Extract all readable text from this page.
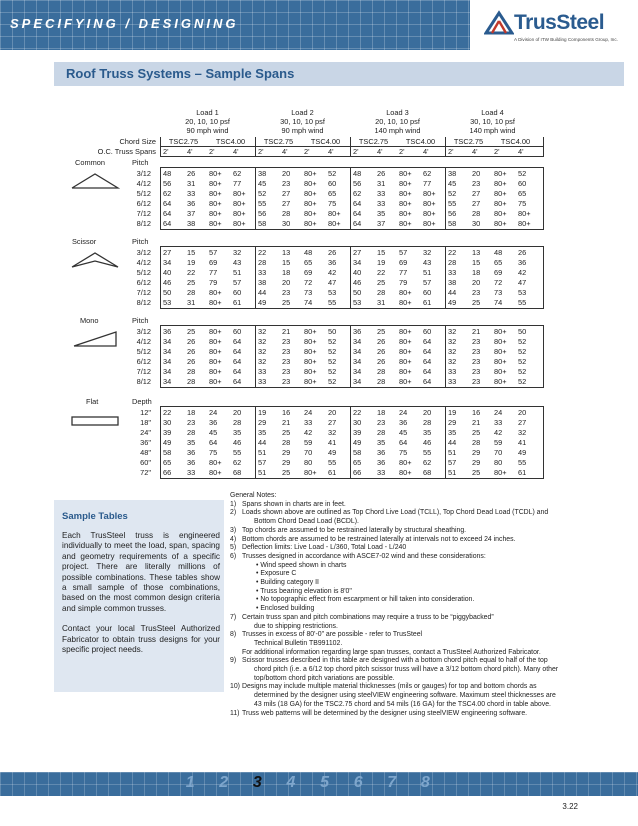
SPECIFYING / DESIGNING	TrusSteel
A Division of ITW Building Components Group, Inc.
Roof Truss Systems – Sample Spans
Load 1
20, 10, 10 psf
90 mph wind
TSC2.75
2' 4'
TSC4.00
2' 4'
Load 2
30, 10, 10 psf
90 mph wind
TSC2.75
2' 4'
TSC4.00
2' 4'
Load 3
20, 10, 10 psf
140 mph wind
TSC2.75
2' 4'
TSC4.00
2' 4'
Load 4
30, 10, 10 psf
140 mph wind
TSC2.75
2' 4'
TSC4.00
2' 4'
Chord Size
O.C. Truss Spans
Common	Pitch
3/12 48	26	80+	62	38	20	80+	52	48	26	80+	62	38	20	80+	52
4/12 56	31	80+	77	45	23	80+	60	56	31	80+	77	45	23	80+	60
5/12 62	33	80+	80+	52	27	80+	65	62	33	80+	80+	52	27	80+	65
6/12 64	36	80+	80+	55	27	80+	75	64	33	80+	80+	55	27	80+	75
7/12 64	37	80+	80+	56	28	80+	80+	64	35	80+	80+	56	28	80+	80+
8/12 64	38	80+	80+	58	30	80+	80+	64	37	80+	80+	58	30	80+	80+
Scissor	Pitch
3/12 27	15	57	32	22	13	48	26	27	15	57	32	22	13	48	26
4/12 34	19	69	43	28	15	65	36	34	19	69	43	28	15	65	36
5/12 40	22	77	51	33	18	69	42	40	22	77	51	33	18	69	42
6/12 46	25	79	57	38	20	72	47	46	25	79	57	38	20	72	47
7/12 50	28	80+	60	44	23	73	53	50	28	80+	60	44	23	73	53
8/12 53	31	80+	61	49	25	74	55	53	31	80+	61	49	25	74	55
Mono	Pitch
3/12 36	25	80+	60	32	21	80+	50	36	25	80+	60	32	21	80+	50
4/12 34	26	80+	64	32	23	80+	52	34	26	80+	64	32	23	80+	52
5/12 34	26	80+	64	32	23	80+	52	34	26	80+	64	32	23	80+	52
6/12 34	26	80+	64	32	23	80+	52	34	26	80+	64	32	23	80+	52
7/12 34	28	80+	64	33	23	80+	52	34	28	80+	64	33	23	80+	52
8/12 34	28	80+	64	33	23	80+	52	34	28	80+	64	33	23	80+	52
Flat	Depth
12" 22	18	24	20	19	16	24	20	22	18	24	20	19	16	24	20
18" 30	23	36	28	29	21	33	27	30	23	36	28	29	21	33	27
24" 39	28	45	35	35	25	42	32	39	28	45	35	35	25	42	32
36" 49	35	64	46	44	28	59	41	49	35	64	46	44	28	59	41
48" 58	36	75	55	51	29	70	49	58	36	75	55	51	29	70	49
60" 65	36	80+	62	57	29	80	55	65	36	80+	62	57	29	80	55
72" 66	33	80+	68	51	25	80+	61	66	33	80+	68	51	25	80+	61
Sample Tables

Each TrusSteel truss is engineered individually to meet the load, span, spacing and geometry requirements of a specific project. There are literally millions of possible combinations. These tables show a small sample of those combinations, based on the most common design criteria and simple common trusses.

Contact your local TrusSteel Authorized Fabricator to obtain truss designs for your specific project needs.

General Notes:
1) Spans shown in charts are in feet.
2) Loads shown above are outlined as Top Chord Live Load (TCLL), Top Chord Dead Load (TCDL) and
Bottom Chord Dead Load (BCDL).
3) Top chords are assumed to be restrained laterally by structural sheathing.
4) Bottom chords are assumed to be restrained laterally at intervals not to exceed 24 inches.
5) Deflection limits: Live Load - L/360, Total Load - L/240
6) Trusses designed in accordance with ASCE7-02 wind and these considerations:
• Wind speed shown in charts
• Exposure C
• Building category II
• Truss bearing elevation is 8'0"
• No topographic effect from escarpment or hill taken into consideration.
• Enclosed building
7) Certain truss span and pitch combinations may require a truss to be “piggybacked”
due to shipping restrictions.
8) Trusses in excess of 80'-0" are possible - refer to TrusSteel
Technical Bulletin TB991102.
For additional information regarding large span trusses, contact a TrusSteel Authorized Fabricator.
9) Scissor trusses described in this table are designed with a bottom chord pitch equal to half of the top
chord pitch (i.e. a 6/12 top chord pitch scissor truss will have a 3/12 bottom chord pitch). Many other
top/bottom chord pitch variations are possible.
10) Designs may include multiple material thicknesses (mils or gauges) for top and bottom chords as
determined by the designer using steelVIEW engineering software. Maximum steel thicknesses are
43 mils (18 GA) for the TSC2.75 chord and 54 mils (16 GA) for the TSC4.00 chord in table above.
11) Truss web patterns will be determined by the designer using steelVIEW engineering software.
1	2	3	4	5	6	7	8
3.22
